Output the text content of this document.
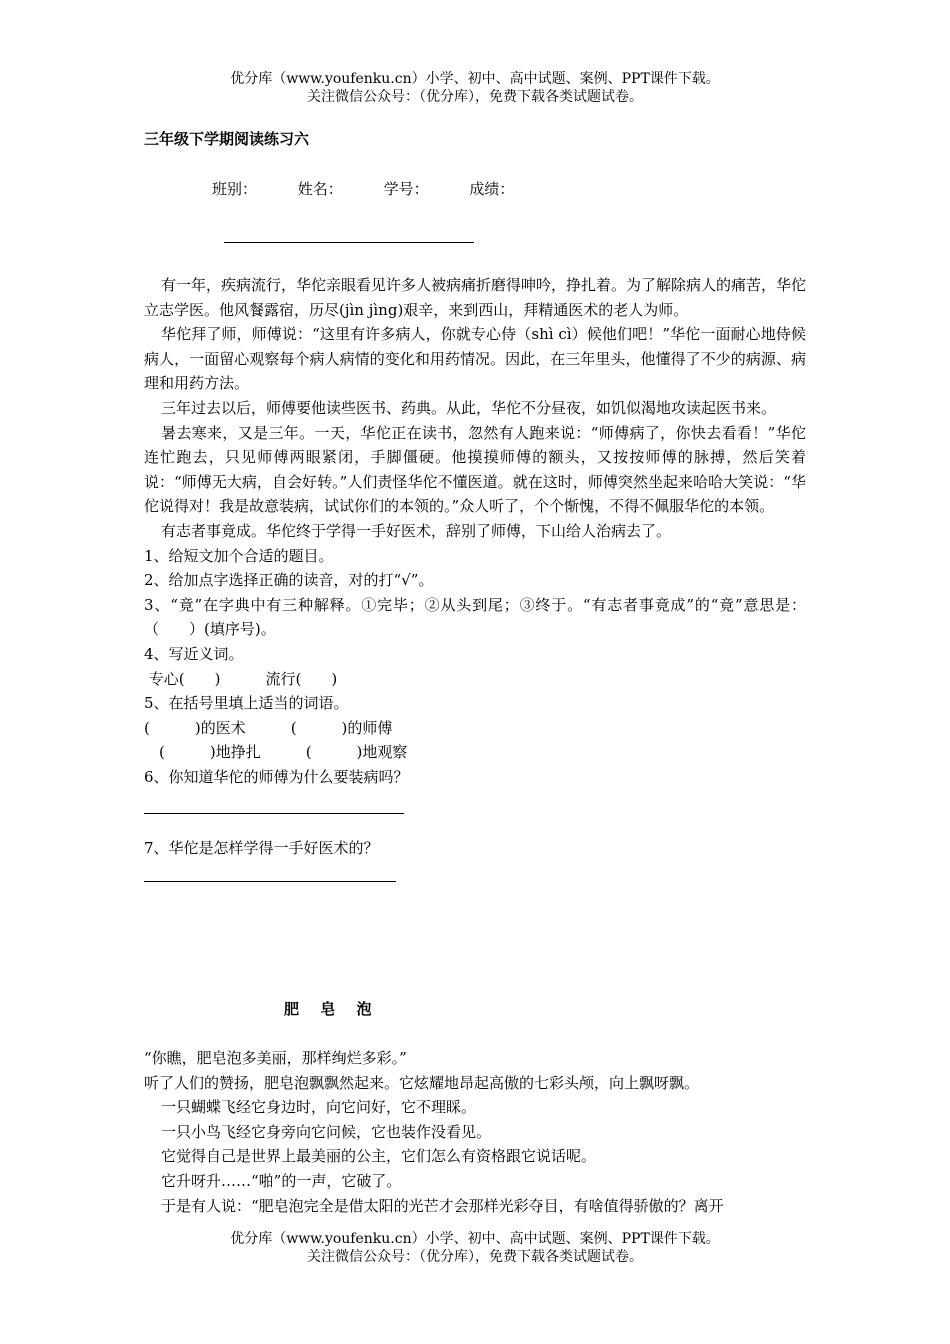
优分库（www.youfenku.cn）小学、初中、高中试题、案例、PPT课件下载。
关注微信公众号：（优分库），免费下载各类试题试卷。
三年级下学期阅读练习六
班别：	姓名：	学号：	成绩：

有一年，疾病流行，华佗亲眼看见许多人被病痛折磨得呻吟，挣扎着。为了解除病人的痛苦，华佗立志学医。他风餐露宿，历尽(jìn jìng)艰辛，来到西山，拜精通医术的老人为师。

华佗拜了师，师傅说：“这里有许多病人，你就专心侍（shì cì）候他们吧！”华佗一面耐心地侍候病人，一面留心观察每个病人病情的变化和用药情况。因此，在三年里头，他懂得了不少的病源、病理和用药方法。

三年过去以后，师傅要他读些医书、药典。从此，华佗不分昼夜，如饥似渴地攻读起医书来。

暑去寒来，又是三年。一天，华佗正在读书，忽然有人跑来说：“师傅病了，你快去看看！”华佗连忙跑去，只见师傅两眼紧闭，手脚僵硬。他摸摸师傅的额头，又按按师傅的脉搏，然后笑着说：“师傅无大病，自会好转。”人们责怪华佗不懂医道。就在这时，师傅突然坐起来哈哈大笑说：“华佗说得对！我是故意装病，试试你们的本领的。”众人听了，个个惭愧，不得不佩服华佗的本领。

有志者事竟成。华佗终于学得一手好医术，辞别了师傅，下山给人治病去了。

1、给短文加个合适的题目。

2、给加点字选择正确的读音，对的打“√”。

3、“竟”在字典中有三种解释。①完毕；②从头到尾；③终于。“有志者事竟成”的“竟”意思是：（　　）(填序号)。

4、写近义词。

专心(　　)　　　流行(　　)

5、在括号里填上适当的词语。

(　　　)的医术　　　(　　　)的师傅

　(　　　)地挣扎　　　(　　　)地观察

6、你知道华佗的师傅为什么要装病吗？

7、华佗是怎样学得一手好医术的？

肥 皂 泡

“你瞧，肥皂泡多美丽，那样绚烂多彩。”

听了人们的赞扬，肥皂泡飘飘然起来。它炫耀地昂起高傲的七彩头颅，向上飘呀飘。

一只蝴蝶飞经它身边时，向它问好，它不理睬。

一只小鸟飞经它身旁向它问候，它也装作没看见。

它觉得自己是世界上最美丽的公主，它们怎么有资格跟它说话呢。

它升呀升……“啪”的一声，它破了。

于是有人说：“肥皂泡完全是借太阳的光芒才会那样光彩夺目，有啥值得骄傲的？离开

优分库（www.youfenku.cn）小学、初中、高中试题、案例、PPT课件下载。
关注微信公众号：（优分库），免费下载各类试题试卷。
